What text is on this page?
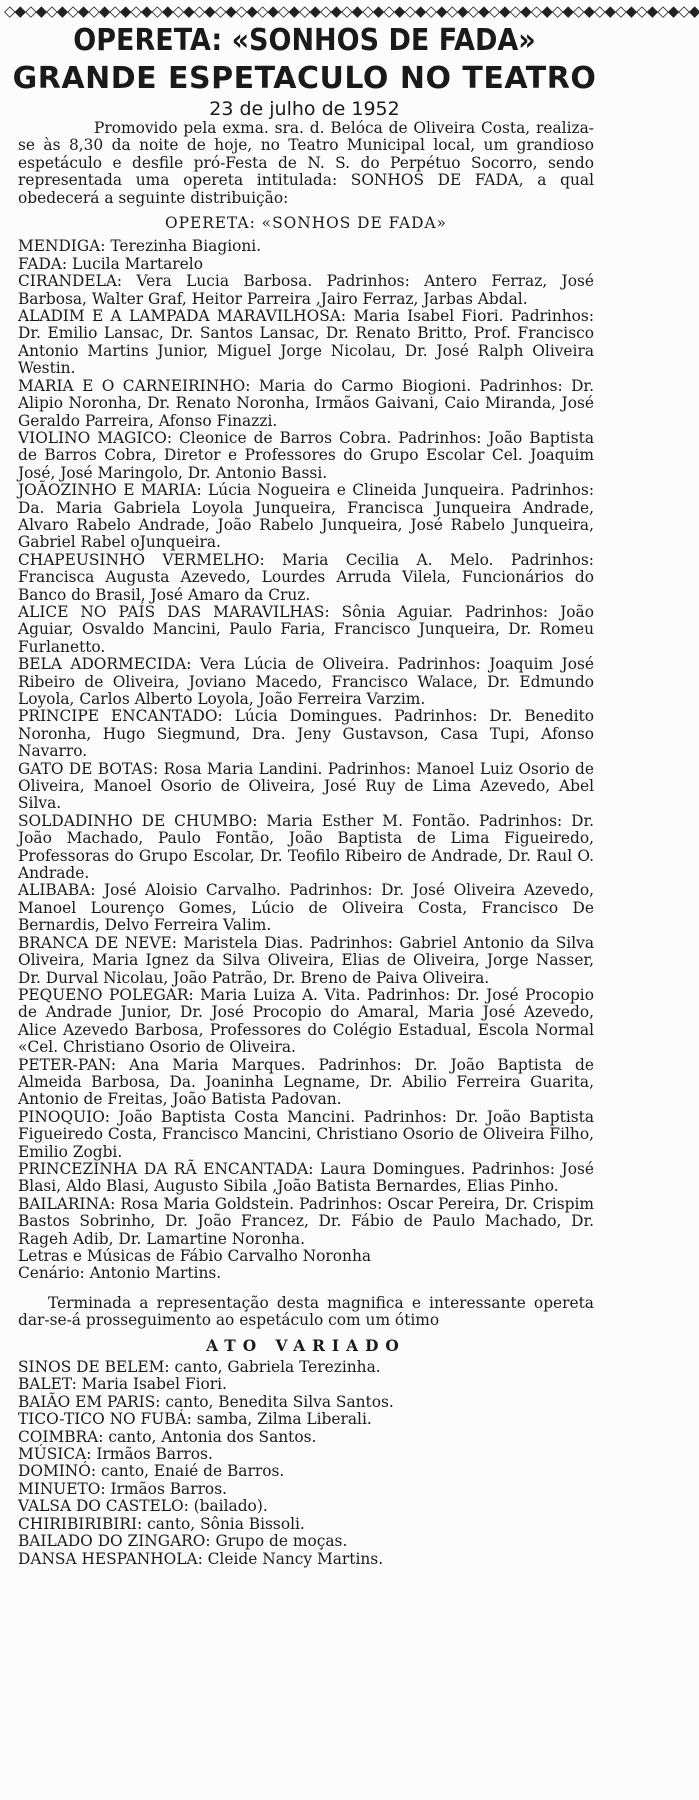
◇◆◇◆◇◆◇◆◇◆◇◆◇◆◇◆◇◆◇◆◇◆◇◆◇◆◇◆◇◆◇◆◇◆◇◆◇◆◇◆◇◆◇◆◇◆◇◆◇◆◇◆◇◆◇◆◇◆◇◆◇◆◇◆◇◆
OPERETA: «SONHOS DE FADA»
GRANDE ESPETACULO NO TEATRO
23 de julho de 1952

Promovido pela exma. sra. d. Belóca de Oliveira Costa, realiza-se às 8,30 da noite de hoje, no Teatro Municipal local, um grandioso espetáculo e desfile pró-Festa de N. S. do Perpétuo Socorro, sendo representada uma opereta intitulada: SONHOS DE FADA, a qual obedecerá a seguinte distribuição:

OPERETA: «SONHOS DE FADA»

MENDIGA: Terezinha Biagioni.

FADA: Lucila Martarelo

CIRANDELA: Vera Lucia Barbosa. Padrinhos: Antero Ferraz, José Barbosa, Walter Graf, Heitor Parreira ,Jairo Ferraz, Jarbas Abdal.

ALADIM E A LAMPADA MARAVILHOSA: Maria Isabel Fiori. Padrinhos: Dr. Emilio Lansac, Dr. Santos Lansac, Dr. Renato Britto, Prof. Francisco Antonio Martins Junior, Miguel Jorge Nicolau, Dr. José Ralph Oliveira Westin.

MARIA E O CARNEIRINHO: Maria do Carmo Biogioni. Padrinhos: Dr. Alipio Noronha, Dr. Renato Noronha, Irmãos Gaivani, Caio Miranda, José Geraldo Parreira, Afonso Finazzi.

VIOLINO MAGICO: Cleonice de Barros Cobra. Padrinhos: João Baptista de Barros Cobra, Diretor e Professores do Grupo Escolar Cel. Joaquim José, José Maringolo, Dr. Antonio Bassi.

JOÃOZINHO E MARIA: Lúcia Nogueira e Clineida Junqueira. Padrinhos: Da. Maria Gabriela Loyola Junqueira, Francisca Junqueira Andrade, Alvaro Rabelo Andrade, João Rabelo Junqueira, José Rabelo Junqueira, Gabriel Rabel oJunqueira.

CHAPEUSINHO VERMELHO: Maria Cecilia A. Melo. Padrinhos: Francisca Augusta Azevedo, Lourdes Arruda Vilela, Funcionários do Banco do Brasil, José Amaro da Cruz.

ALICE NO PAÍS DAS MARAVILHAS: Sônia Aguiar. Padrinhos: João Aguiar, Osvaldo Mancini, Paulo Faria, Francisco Junqueira, Dr. Romeu Furlanetto.

BELA ADORMECIDA: Vera Lúcia de Oliveira. Padrinhos: Joaquim José Ribeiro de Oliveira, Joviano Macedo, Francisco Walace, Dr. Edmundo Loyola, Carlos Alberto Loyola, João Ferreira Varzim.

PRINCIPE ENCANTADO: Lúcia Domingues. Padrinhos: Dr. Benedito Noronha, Hugo Siegmund, Dra. Jeny Gustavson, Casa Tupi, Afonso Navarro.

GATO DE BOTAS: Rosa Maria Landini. Padrinhos: Manoel Luiz Osorio de Oliveira, Manoel Osorio de Oliveira, José Ruy de Lima Azevedo, Abel Silva.

SOLDADINHO DE CHUMBO: Maria Esther M. Fontão. Padrinhos: Dr. João Machado, Paulo Fontão, João Baptista de Lima Figueiredo, Professoras do Grupo Escolar, Dr. Teofilo Ribeiro de Andrade, Dr. Raul O. Andrade.

ALIBABA: José Aloisio Carvalho. Padrinhos: Dr. José Oliveira Azevedo, Manoel Lourenço Gomes, Lúcio de Oliveira Costa, Francisco De Bernardis, Delvo Ferreira Valim.

BRANCA DE NEVE: Maristela Dias. Padrinhos: Gabriel Antonio da Silva Oliveira, Maria Ignez da Silva Oliveira, Elias de Oliveira, Jorge Nasser, Dr. Durval Nicolau, João Patrão, Dr. Breno de Paiva Oliveira.

PEQUENO POLEGAR: Maria Luiza A. Vita. Padrinhos: Dr. José Procopio de Andrade Junior, Dr. José Procopio do Amaral, Maria José Azevedo, Alice Azevedo Barbosa, Professores do Colégio Estadual, Escola Normal «Cel. Christiano Osorio de Oliveira.

PETER-PAN: Ana Maria Marques. Padrinhos: Dr. João Baptista de Almeida Barbosa, Da. Joaninha Legname, Dr. Abilio Ferreira Guarita, Antonio de Freitas, João Batista Padovan.

PINOQUIO: João Baptista Costa Mancini. Padrinhos: Dr. João Baptista Figueiredo Costa, Francisco Mancini, Christiano Osorio de Oliveira Filho, Emilio Zogbi.

PRINCEZINHA DA RÃ ENCANTADA: Laura Domingues. Padrinhos: José Blasi, Aldo Blasi, Augusto Sibila ,João Batista Bernardes, Elias Pinho.

BAILARINA: Rosa Maria Goldstein. Padrinhos: Oscar Pereira, Dr. Crispim Bastos Sobrinho, Dr. João Francez, Dr. Fábio de Paulo Machado, Dr. Rageh Adib, Dr. Lamartine Noronha.

Letras e Músicas de Fábio Carvalho Noronha

Cenário: Antonio Martins.

Terminada a representação desta magnifica e interessante opereta dar-se-á prosseguimento ao espetáculo com um ótimo

ATO VARIADO

SINOS DE BELEM: canto, Gabriela Terezinha.

BALET: Maria Isabel Fiori.

BAIÃO EM PARIS: canto, Benedita Silva Santos.

TICO-TICO NO FUBÁ: samba, Zilma Liberali.

COIMBRA: canto, Antonia dos Santos.

MÚSICA: Irmãos Barros.

DOMINÓ: canto, Enaié de Barros.

MINUETO: Irmãos Barros.

VALSA DO CASTELO: (bailado).

CHIRIBIRIBIRI: canto, Sônia Bissoli.

BAILADO DO ZINGARO: Grupo de moças.

DANSA HESPANHOLA: Cleide Nancy Martins.
